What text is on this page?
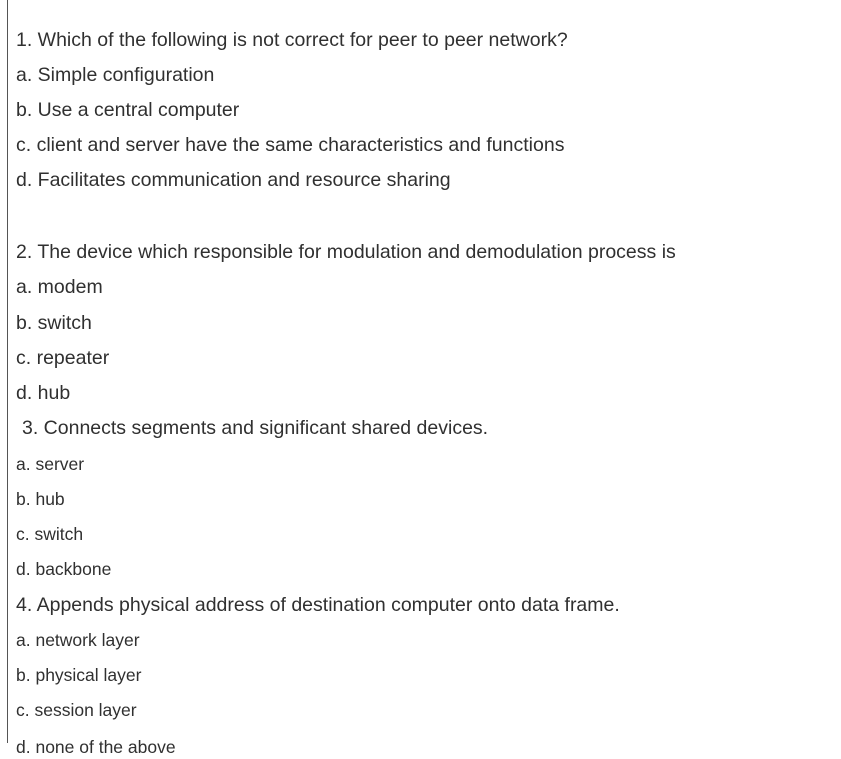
1. Which of the following is not correct for peer to peer network?
a. Simple configuration
b. Use a central computer
c. client and server have the same characteristics and functions
d. Facilitates communication and resource sharing
2. The device which responsible for modulation and demodulation process is
a. modem
b. switch
c. repeater
d. hub
3. Connects segments and significant shared devices.
a. server
b. hub
c. switch
d. backbone
4. Appends physical address of destination computer onto data frame.
a. network layer
b. physical layer
c. session layer
d. none of the above
